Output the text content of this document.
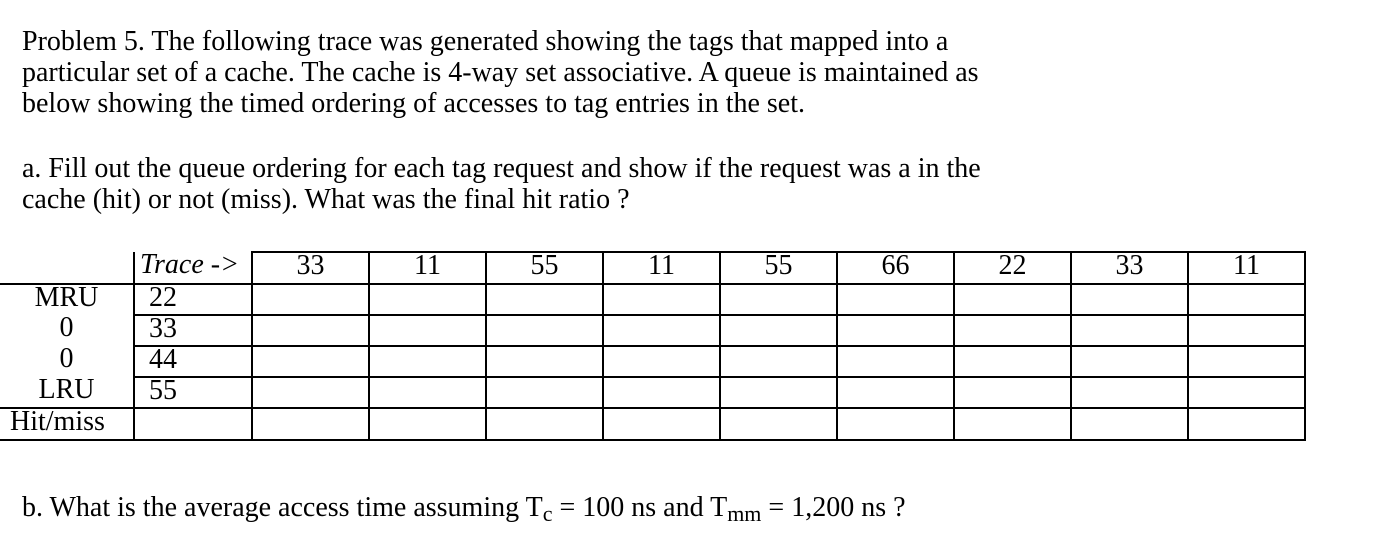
Problem 5. The following trace was generated showing the tags that mapped into a
particular set of a cache. The cache is 4-way set associative. A queue is maintained as
below showing the timed ordering of accesses to tag entries in the set.
a. Fill out the queue ordering for each tag request and show if the request was a in the
cache (hit) or not (miss). What was the final hit ratio ?
	Trace ->	33	11	55	11	55	66	22	33	11
MRU	22									
0	33									
0	44									
LRU	55									
Hit/miss										
b. What is the average access time assuming $T_c = 100$ ns and $T_{mm} = 1,200$ ns ?
